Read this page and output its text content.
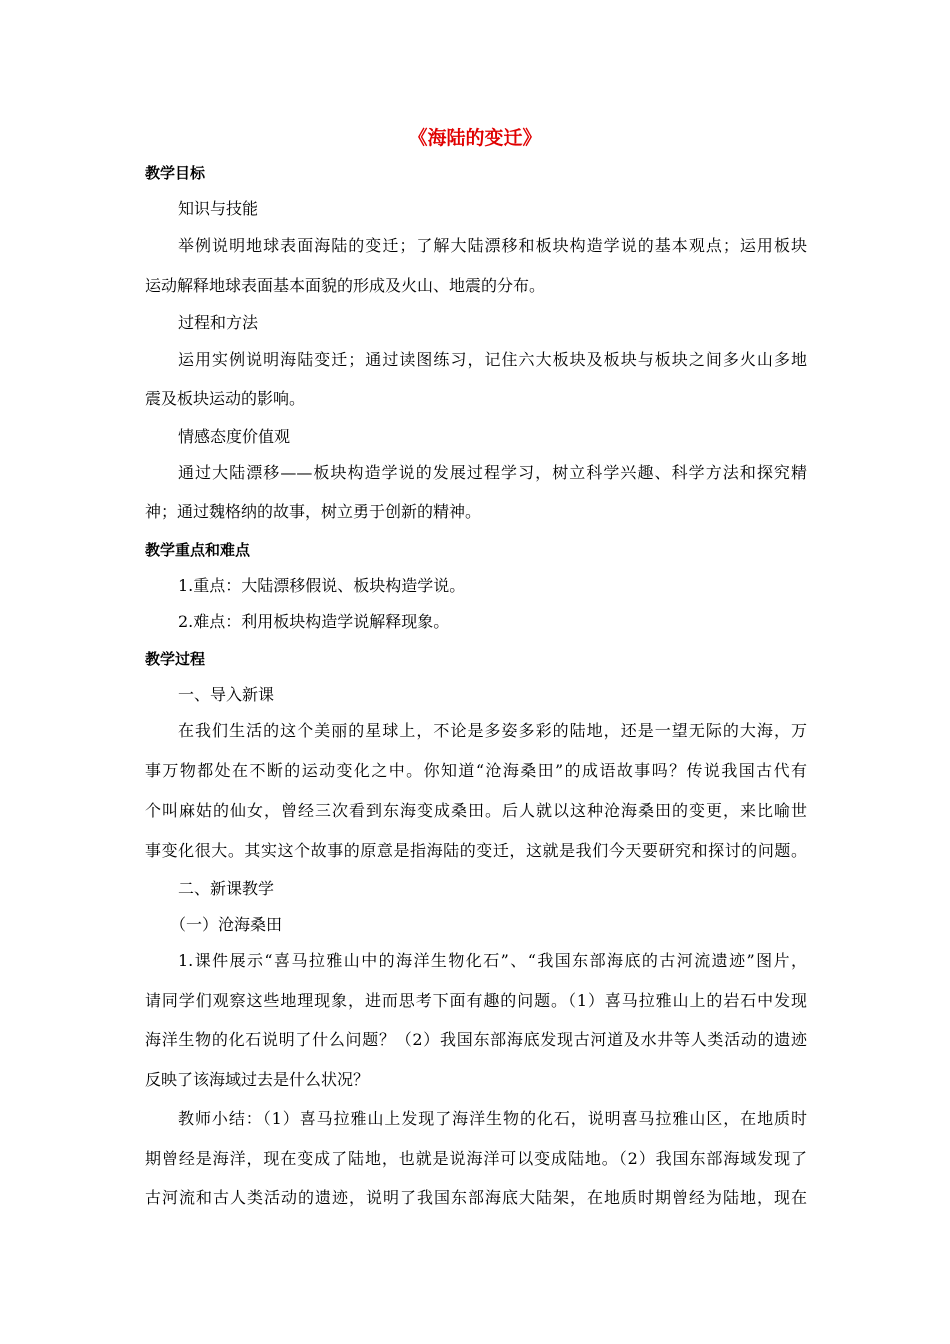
《海陆的变迁》
教学目标
知识与技能
举例说明地球表面海陆的变迁；了解大陆漂移和板块构造学说的基本观点；运用板块
运动解释地球表面基本面貌的形成及火山、地震的分布。
过程和方法
运用实例说明海陆变迁；通过读图练习，记住六大板块及板块与板块之间多火山多地
震及板块运动的影响。
情感态度价值观
通过大陆漂移——板块构造学说的发展过程学习，树立科学兴趣、科学方法和探究精
神；通过魏格纳的故事，树立勇于创新的精神。
教学重点和难点
1.重点：大陆漂移假说、板块构造学说。
2.难点：利用板块构造学说解释现象。
教学过程
一、导入新课
在我们生活的这个美丽的星球上，不论是多姿多彩的陆地，还是一望无际的大海，万
事万物都处在不断的运动变化之中。你知道“沧海桑田”的成语故事吗？传说我国古代有
个叫麻姑的仙女，曾经三次看到东海变成桑田。后人就以这种沧海桑田的变更，来比喻世
事变化很大。其实这个故事的原意是指海陆的变迁，这就是我们今天要研究和探讨的问题。
二、新课教学
（一）沧海桑田
1.课件展示“喜马拉雅山中的海洋生物化石”、“我国东部海底的古河流遗迹”图片，
请同学们观察这些地理现象，进而思考下面有趣的问题。（1）喜马拉雅山上的岩石中发现
海洋生物的化石说明了什么问题？（2）我国东部海底发现古河道及水井等人类活动的遗迹
反映了该海域过去是什么状况？
教师小结：（1）喜马拉雅山上发现了海洋生物的化石，说明喜马拉雅山区，在地质时
期曾经是海洋，现在变成了陆地，也就是说海洋可以变成陆地。（2）我国东部海域发现了
古河流和古人类活动的遗迹，说明了我国东部海底大陆架，在地质时期曾经为陆地，现在
